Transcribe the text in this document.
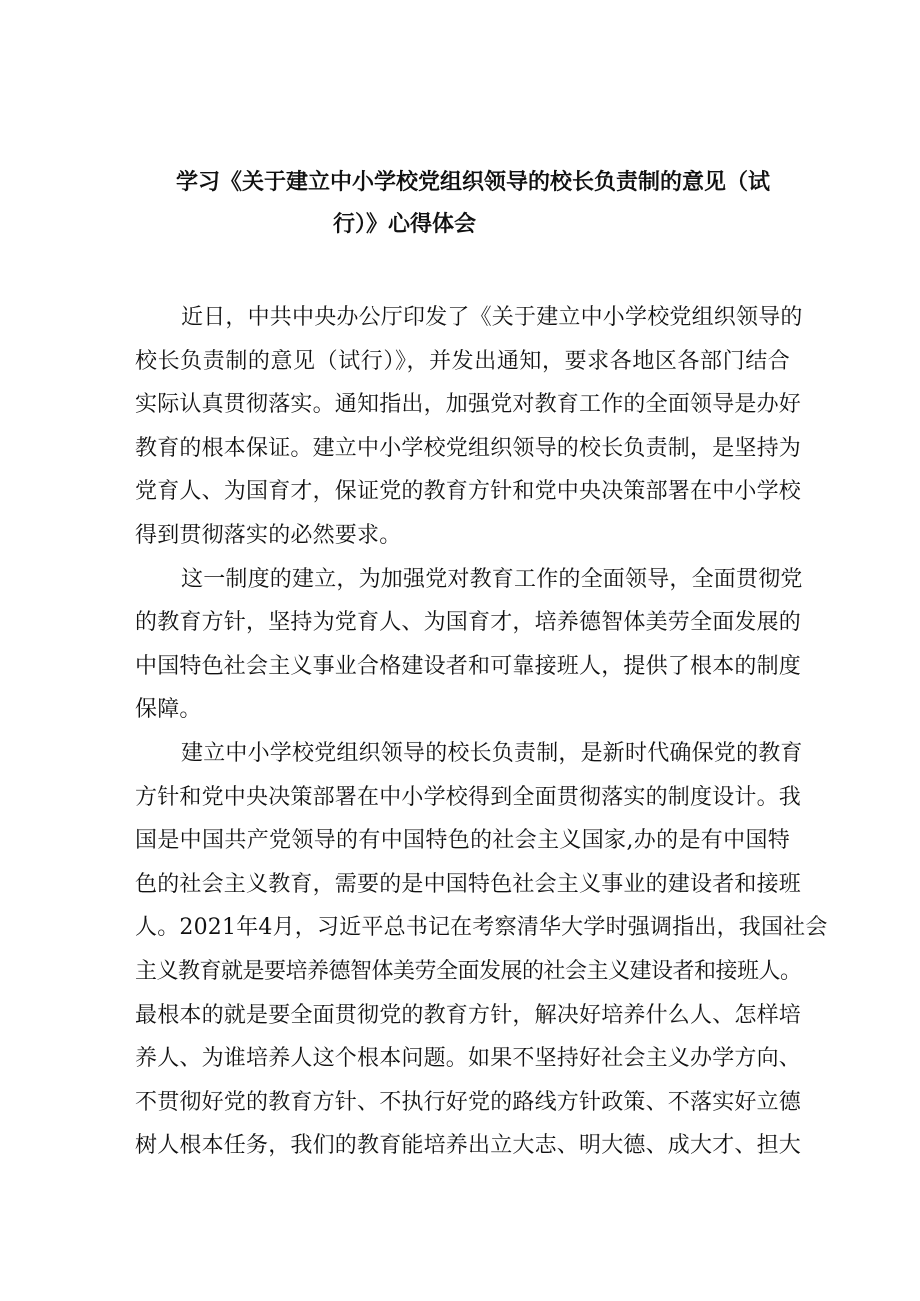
学习《关于建立中小学校党组织领导的校长负责制的意见（试
行）》心得体会
近日，中共中央办公厅印发了《关于建立中小学校党组织领导的
校长负责制的意见（试行）》，并发出通知，要求各地区各部门结合
实际认真贯彻落实。通知指出，加强党对教育工作的全面领导是办好
教育的根本保证。建立中小学校党组织领导的校长负责制，是坚持为
党育人、为国育才，保证党的教育方针和党中央决策部署在中小学校
得到贯彻落实的必然要求。
这一制度的建立，为加强党对教育工作的全面领导，全面贯彻党
的教育方针，坚持为党育人、为国育才，培养德智体美劳全面发展的
中国特色社会主义事业合格建设者和可靠接班人，提供了根本的制度
保障。
建立中小学校党组织领导的校长负责制，是新时代确保党的教育
方针和党中央决策部署在中小学校得到全面贯彻落实的制度设计。我
国是中国共产党领导的有中国特色的社会主义国家,办的是有中国特
色的社会主义教育，需要的是中国特色社会主义事业的建设者和接班
人。2021年4月，习近平总书记在考察清华大学时强调指出，我国社会
主义教育就是要培养德智体美劳全面发展的社会主义建设者和接班人。
最根本的就是要全面贯彻党的教育方针，解决好培养什么人、怎样培
养人、为谁培养人这个根本问题。如果不坚持好社会主义办学方向、
不贯彻好党的教育方针、不执行好党的路线方针政策、不落实好立德
树人根本任务，我们的教育能培养出立大志、明大德、成大才、担大
